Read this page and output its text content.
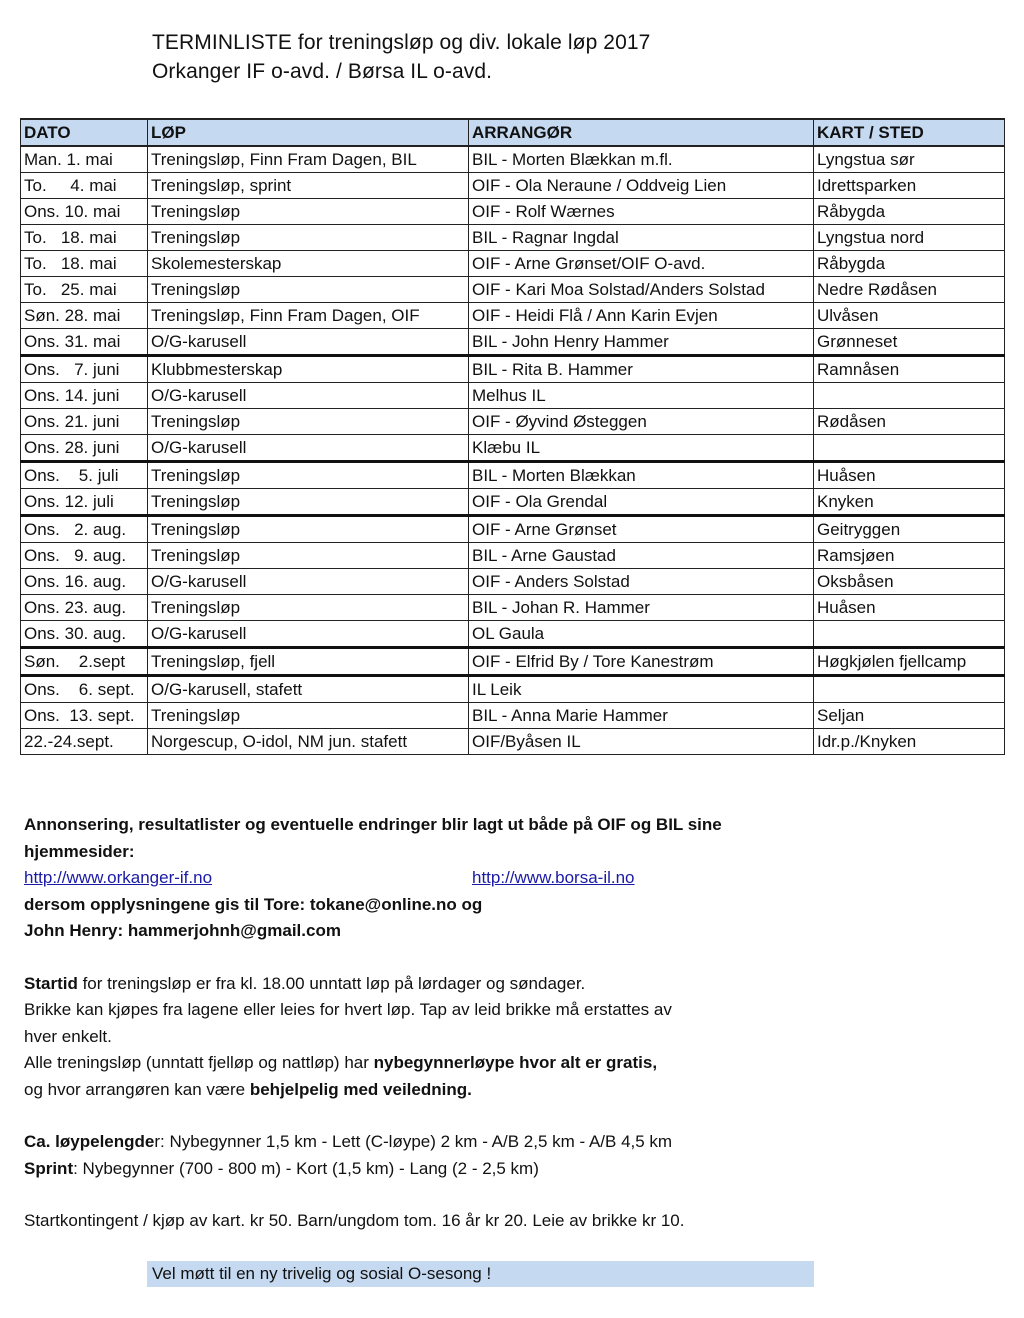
TERMINLISTE for treningsløp og div. lokale løp 2017
Orkanger IF o-avd. / Børsa IL o-avd.
DATO	LØP	ARRANGØR	KART / STED
Man. 1. mai	Treningsløp, Finn Fram Dagen, BIL	BIL - Morten Blækkan m.fl.	Lyngstua sør
To.     4. mai	Treningsløp, sprint	OIF - Ola Neraune / Oddveig Lien	Idrettsparken
Ons. 10. mai	Treningsløp	OIF - Rolf Wærnes	Råbygda
To.   18. mai	Treningsløp	BIL - Ragnar Ingdal	Lyngstua nord
To.   18. mai	Skolemesterskap	OIF - Arne Grønset/OIF O-avd.	Råbygda
To.   25. mai	Treningsløp	OIF - Kari Moa Solstad/Anders Solstad	Nedre Rødåsen
Søn. 28. mai	Treningsløp, Finn Fram Dagen, OIF	OIF - Heidi Flå / Ann Karin Evjen	Ulvåsen
Ons. 31. mai	O/G-karusell	BIL - John Henry Hammer	Grønneset
Ons.   7. juni	Klubbmesterskap	BIL - Rita B. Hammer	Ramnåsen
Ons. 14. juni	O/G-karusell	Melhus IL	
Ons. 21. juni	Treningsløp	OIF - Øyvind Østeggen	Rødåsen
Ons. 28. juni	O/G-karusell	Klæbu IL	
Ons.    5. juli	Treningsløp	BIL - Morten Blækkan	Huåsen
Ons. 12. juli	Treningsløp	OIF - Ola Grendal	Knyken
Ons.   2. aug.	Treningsløp	OIF - Arne Grønset	Geitryggen
Ons.   9. aug.	Treningsløp	BIL - Arne Gaustad	Ramsjøen
Ons. 16. aug.	O/G-karusell	OIF - Anders Solstad	Oksbåsen
Ons. 23. aug.	Treningsløp	BIL - Johan R. Hammer	Huåsen
Ons. 30. aug.	O/G-karusell	OL Gaula	
Søn.    2.sept	Treningsløp, fjell	OIF - Elfrid By / Tore Kanestrøm	Høgkjølen fjellcamp
Ons.    6. sept.	O/G-karusell, stafett	IL Leik	
Ons.  13. sept.	Treningsløp	BIL - Anna Marie Hammer	Seljan
22.-24.sept.	Norgescup, O-idol, NM jun. stafett	OIF/Byåsen IL	Idr.p./Knyken

Annonsering, resultatlister og eventuelle endringer blir lagt ut både på OIF og BIL sine

hjemmesider:

http://www.orkanger-if.no	http://www.borsa-il.no

dersom opplysningene gis til Tore: tokane@online.no og

John Henry: hammerjohnh@gmail.com

Startid for treningsløp er fra kl. 18.00 unntatt løp på lørdager og søndager.

Brikke kan kjøpes fra lagene eller leies for hvert løp. Tap av leid brikke må erstattes av

hver enkelt.

Alle treningsløp (unntatt fjelløp og nattløp) har nybegynnerløype hvor alt er gratis,

og hvor arrangøren kan være behjelpelig med veiledning.

Ca. løypelengder: Nybegynner 1,5 km - Lett (C-løype) 2 km - A/B 2,5 km - A/B 4,5 km

Sprint: Nybegynner (700 - 800 m) - Kort (1,5 km) - Lang (2 - 2,5 km)

Startkontingent / kjøp av kart. kr 50. Barn/ungdom tom. 16 år kr 20. Leie av brikke kr 10.

Vel møtt til en ny trivelig og sosial O-sesong !
